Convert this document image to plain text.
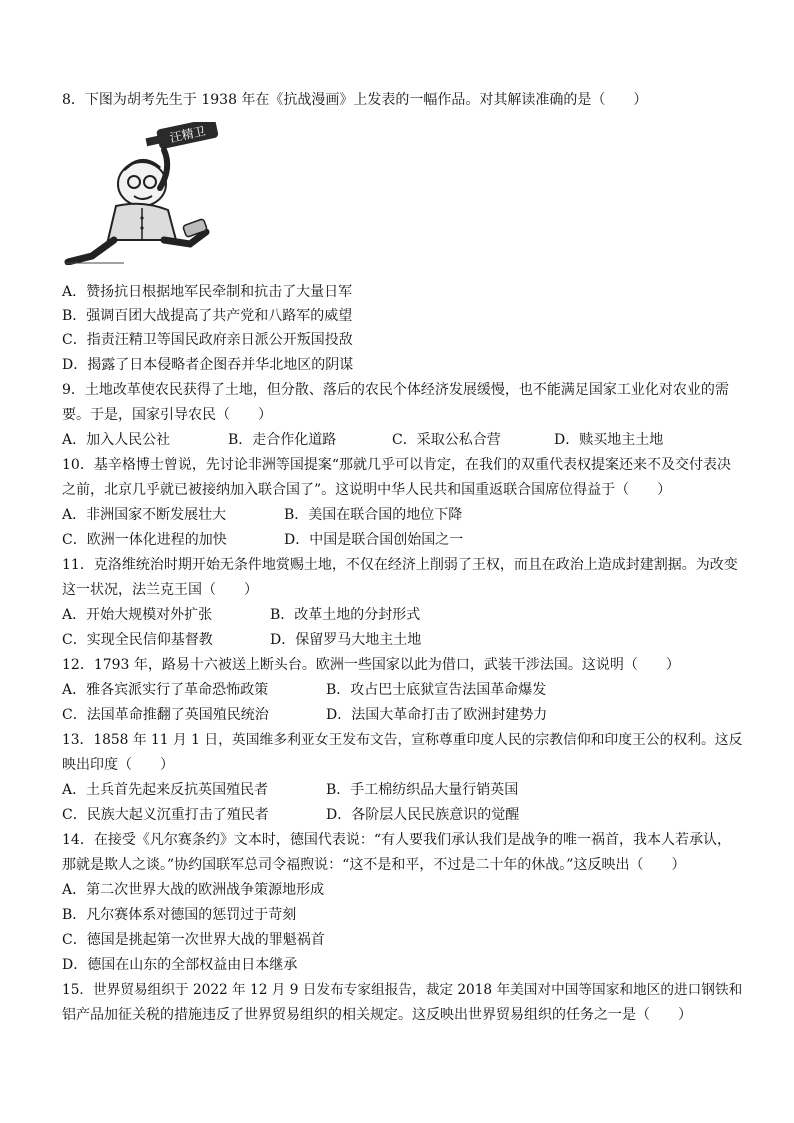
8．下图为胡考先生于 1938 年在《抗战漫画》上发表的一幅作品。对其解读准确的是（　　）
汪精卫
A．赞扬抗日根据地军民牵制和抗击了大量日军
B．强调百团大战提高了共产党和八路军的威望
C．指责汪精卫等国民政府亲日派公开叛国投敌
D．揭露了日本侵略者企图吞并华北地区的阴谋
9．土地改革使农民获得了土地，但分散、落后的农民个体经济发展缓慢，也不能满足国家工业化对农业的需
要。于是，国家引导农民（　　）
A．加入人民公社	B．走合作化道路	C．采取公私合营	D．赎买地主土地
10．基辛格博士曾说，先讨论非洲等国提案“那就几乎可以肯定，在我们的双重代表权提案还来不及交付表决
之前，北京几乎就已被接纳加入联合国了”。这说明中华人民共和国重返联合国席位得益于（　　）
A．非洲国家不断发展壮大	B．美国在联合国的地位下降
C．欧洲一体化进程的加快	D．中国是联合国创始国之一
11．克洛维统治时期开始无条件地赏赐土地，不仅在经济上削弱了王权，而且在政治上造成封建割据。为改变
这一状况，法兰克王国（　　）
A．开始大规模对外扩张	B．改革土地的分封形式
C．实现全民信仰基督教	D．保留罗马大地主土地
12．1793 年，路易十六被送上断头台。欧洲一些国家以此为借口，武装干涉法国。这说明（　　）
A．雅各宾派实行了革命恐怖政策	B．攻占巴士底狱宣告法国革命爆发
C．法国革命推翻了英国殖民统治	D．法国大革命打击了欧洲封建势力
13．1858 年 11 月 1 日，英国维多利亚女王发布文告，宣称尊重印度人民的宗教信仰和印度王公的权利。这反
映出印度（　　）
A．土兵首先起来反抗英国殖民者	B．手工棉纺织品大量行销英国
C．民族大起义沉重打击了殖民者	D．各阶层人民民族意识的觉醒
14．在接受《凡尔赛条约》文本时，德国代表说：“有人要我们承认我们是战争的唯一祸首，我本人若承认，
那就是欺人之谈。”协约国联军总司令福煦说：“这不是和平，不过是二十年的休战。”这反映出（　　）
A．第二次世界大战的欧洲战争策源地形成
B．凡尔赛体系对德国的惩罚过于苛刻
C．德国是挑起第一次世界大战的罪魁祸首
D．德国在山东的全部权益由日本继承
15．世界贸易组织于 2022 年 12 月 9 日发布专家组报告，裁定 2018 年美国对中国等国家和地区的进口钢铁和
铝产品加征关税的措施违反了世界贸易组织的相关规定。这反映出世界贸易组织的任务之一是（　　）
